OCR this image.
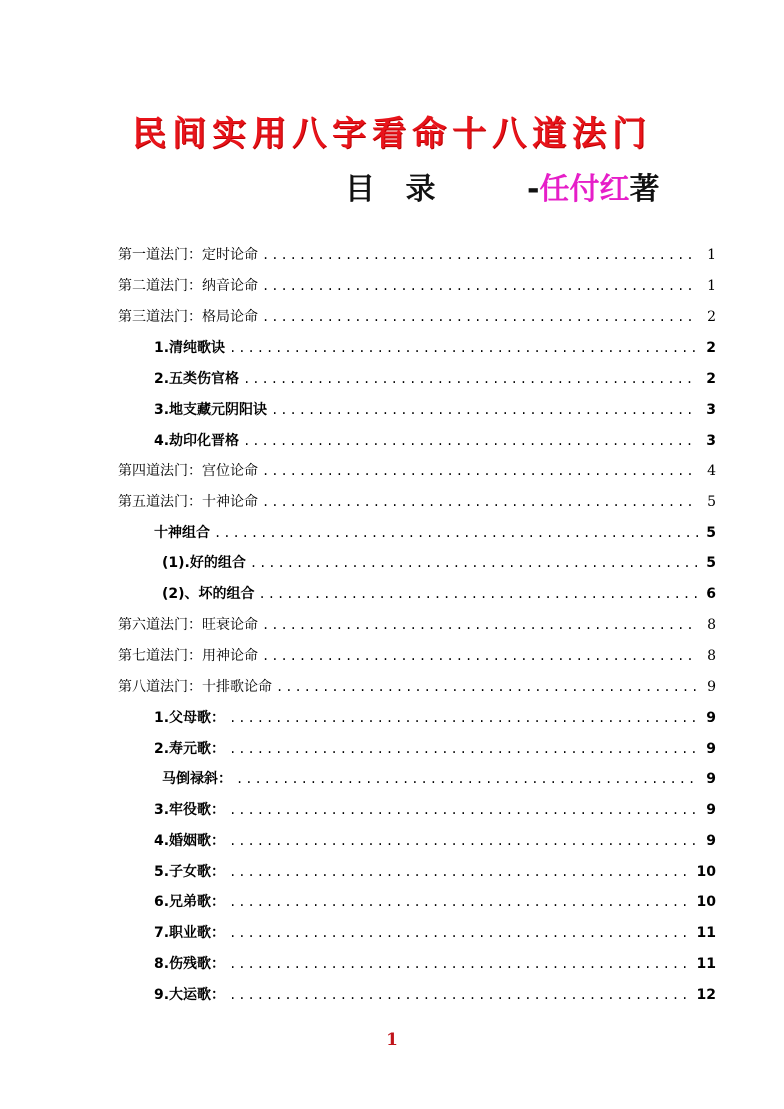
民间实用八字看命十八道法门
目 录	-任付红著
第一道法门：定时论命 .....	1
第二道法门：纳音论命 .....	1
第三道法门：格局论命 .....	2
1.清纯歌诀 .....	2
2.五类伤官格 .....	2
3.地支藏元阴阳诀 .....	3
4.劫印化晋格 .....	3
第四道法门：宫位论命 .....	4
第五道法门：十神论命 .....	5
十神组合 .....	5
(1).好的组合 .....	5
(2)、坏的组合 .....	6
第六道法门：旺衰论命 .....	8
第七道法门：用神论命 .....	8
第八道法门：十排歌论命 .....	9
1.父母歌： .....	9
2.寿元歌： .....	9
马倒禄斜： .....	9
3.牢役歌： .....	9
4.婚姻歌： .....	9
5.子女歌： .....	10
6.兄弟歌： .....	10
7.职业歌： .....	11
8.伤残歌： .....	11
9.大运歌： .....	12
1
